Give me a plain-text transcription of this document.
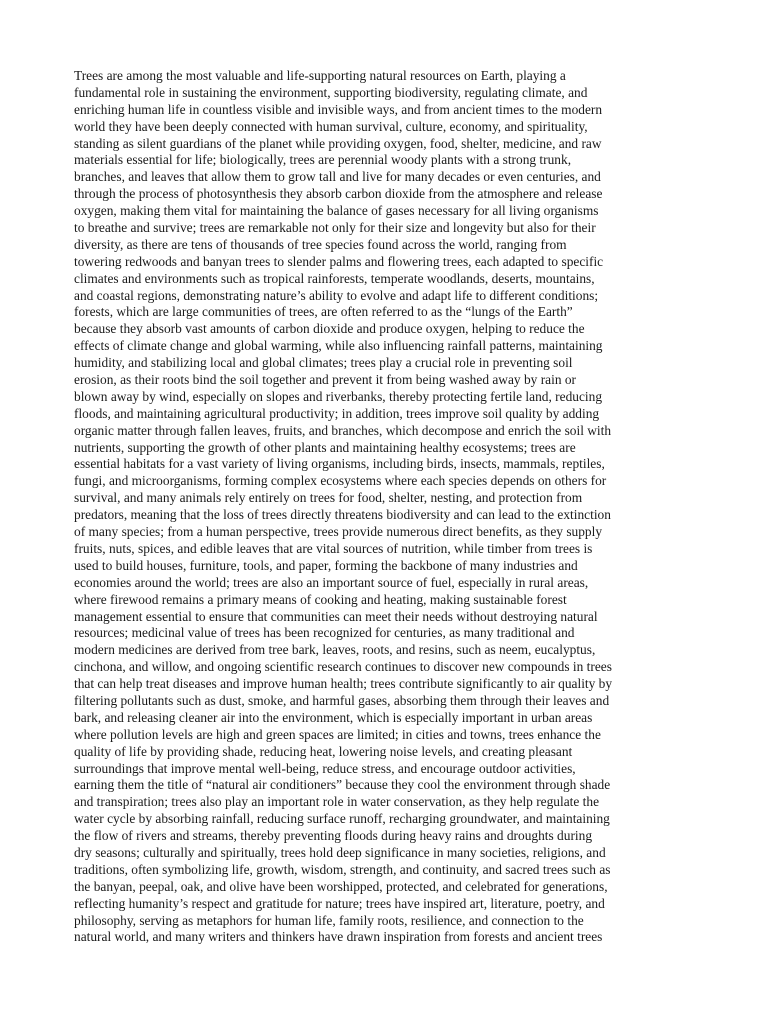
Trees are among the most valuable and life-supporting natural resources on Earth, playing a
fundamental role in sustaining the environment, supporting biodiversity, regulating climate, and
enriching human life in countless visible and invisible ways, and from ancient times to the modern
world they have been deeply connected with human survival, culture, economy, and spirituality,
standing as silent guardians of the planet while providing oxygen, food, shelter, medicine, and raw
materials essential for life; biologically, trees are perennial woody plants with a strong trunk,
branches, and leaves that allow them to grow tall and live for many decades or even centuries, and
through the process of photosynthesis they absorb carbon dioxide from the atmosphere and release
oxygen, making them vital for maintaining the balance of gases necessary for all living organisms
to breathe and survive; trees are remarkable not only for their size and longevity but also for their
diversity, as there are tens of thousands of tree species found across the world, ranging from
towering redwoods and banyan trees to slender palms and flowering trees, each adapted to specific
climates and environments such as tropical rainforests, temperate woodlands, deserts, mountains,
and coastal regions, demonstrating nature’s ability to evolve and adapt life to different conditions;
forests, which are large communities of trees, are often referred to as the “lungs of the Earth”
because they absorb vast amounts of carbon dioxide and produce oxygen, helping to reduce the
effects of climate change and global warming, while also influencing rainfall patterns, maintaining
humidity, and stabilizing local and global climates; trees play a crucial role in preventing soil
erosion, as their roots bind the soil together and prevent it from being washed away by rain or
blown away by wind, especially on slopes and riverbanks, thereby protecting fertile land, reducing
floods, and maintaining agricultural productivity; in addition, trees improve soil quality by adding
organic matter through fallen leaves, fruits, and branches, which decompose and enrich the soil with
nutrients, supporting the growth of other plants and maintaining healthy ecosystems; trees are
essential habitats for a vast variety of living organisms, including birds, insects, mammals, reptiles,
fungi, and microorganisms, forming complex ecosystems where each species depends on others for
survival, and many animals rely entirely on trees for food, shelter, nesting, and protection from
predators, meaning that the loss of trees directly threatens biodiversity and can lead to the extinction
of many species; from a human perspective, trees provide numerous direct benefits, as they supply
fruits, nuts, spices, and edible leaves that are vital sources of nutrition, while timber from trees is
used to build houses, furniture, tools, and paper, forming the backbone of many industries and
economies around the world; trees are also an important source of fuel, especially in rural areas,
where firewood remains a primary means of cooking and heating, making sustainable forest
management essential to ensure that communities can meet their needs without destroying natural
resources; medicinal value of trees has been recognized for centuries, as many traditional and
modern medicines are derived from tree bark, leaves, roots, and resins, such as neem, eucalyptus,
cinchona, and willow, and ongoing scientific research continues to discover new compounds in trees
that can help treat diseases and improve human health; trees contribute significantly to air quality by
filtering pollutants such as dust, smoke, and harmful gases, absorbing them through their leaves and
bark, and releasing cleaner air into the environment, which is especially important in urban areas
where pollution levels are high and green spaces are limited; in cities and towns, trees enhance the
quality of life by providing shade, reducing heat, lowering noise levels, and creating pleasant
surroundings that improve mental well-being, reduce stress, and encourage outdoor activities,
earning them the title of “natural air conditioners” because they cool the environment through shade
and transpiration; trees also play an important role in water conservation, as they help regulate the
water cycle by absorbing rainfall, reducing surface runoff, recharging groundwater, and maintaining
the flow of rivers and streams, thereby preventing floods during heavy rains and droughts during
dry seasons; culturally and spiritually, trees hold deep significance in many societies, religions, and
traditions, often symbolizing life, growth, wisdom, strength, and continuity, and sacred trees such as
the banyan, peepal, oak, and olive have been worshipped, protected, and celebrated for generations,
reflecting humanity’s respect and gratitude for nature; trees have inspired art, literature, poetry, and
philosophy, serving as metaphors for human life, family roots, resilience, and connection to the
natural world, and many writers and thinkers have drawn inspiration from forests and ancient trees
